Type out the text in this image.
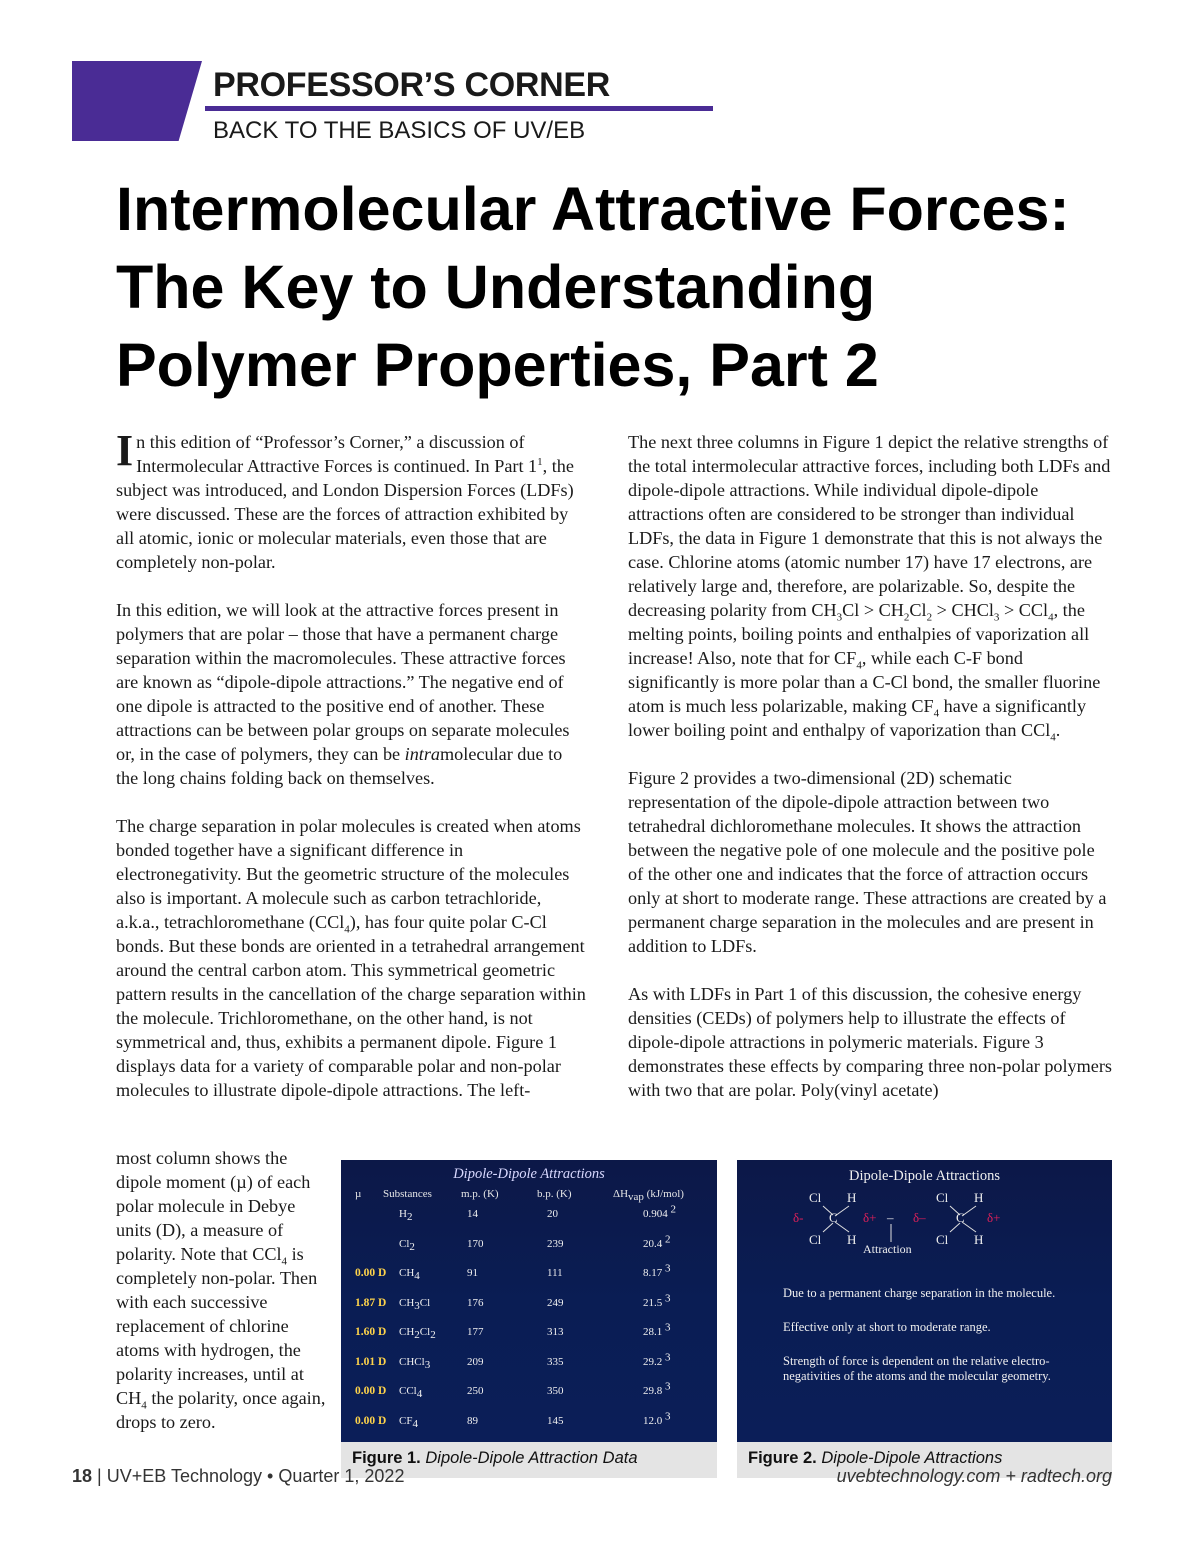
PROFESSOR’S CORNER
BACK TO THE BASICS OF UV/EB
Intermolecular Attractive Forces:
The Key to Understanding
Polymer Properties, Part 2

In this edition of “Professor’s Corner,” a discussion of Intermolecular Attractive Forces is continued. In Part $1^1$, the subject was introduced, and London Dispersion Forces (LDFs) were discussed. These are the forces of attraction exhibited by all atomic, ionic or molecular materials, even those that are completely non-polar.

In this edition, we will look at the attractive forces present in polymers that are polar – those that have a permanent charge separation within the macromolecules. These attractive forces are known as “dipole-dipole attractions.” The negative end of one dipole is attracted to the positive end of another. These attractions can be between polar groups on separate molecules or, in the case of polymers, they can be intramolecular due to the long chains folding back on themselves.

The charge separation in polar molecules is created when atoms bonded together have a significant difference in electronegativity. But the geometric structure of the molecules also is important. A molecule such as carbon tetrachloride, a.k.a., tetrachloromethane (CCl$_4$), has four quite polar C-Cl bonds. But these bonds are oriented in a tetrahedral arrangement around the central carbon atom. This symmetrical geometric pattern results in the cancellation of the charge separation within the molecule. Trichloromethane, on the other hand, is not symmetrical and, thus, exhibits a permanent dipole. Figure 1 displays data for a variety of comparable polar and non-polar molecules to illustrate dipole-dipole attractions. The left-

most column shows the dipole moment (µ) of each polar molecule in Debye units (D), a measure of polarity. Note that CCl$_4$ is completely non-polar. Then with each successive replacement of chlorine atoms with hydrogen, the polarity increases, until at $CH_4$ the polarity, once again, drops to zero.

The next three columns in Figure 1 depict the relative strengths of the total intermolecular attractive forces, including both LDFs and dipole-dipole attractions. While individual dipole-dipole attractions often are considered to be stronger than individual LDFs, the data in Figure 1 demonstrate that this is not always the case. Chlorine atoms (atomic number 17) have 17 electrons, are relatively large and, therefore, are polarizable. So, despite the decreasing polarity from $CH_3Cl > CH_2Cl_2$ > CHCl$_3$ > CCl$_4$, the melting points, boiling points and enthalpies of vaporization all increase! Also, note that for $CF_4$, while each C-F bond significantly is more polar than a C-Cl bond, the smaller fluorine atom is much less polarizable, making $CF_4$ have a significantly lower boiling point and enthalpy of vaporization than CCl$_4$.

Figure 2 provides a two-dimensional (2D) schematic representation of the dipole-dipole attraction between two tetrahedral dichloromethane molecules. It shows the attraction between the negative pole of one molecule and the positive pole of the other one and indicates that the force of attraction occurs only at short to moderate range. These attractions are created by a permanent charge separation in the molecules and are present in addition to LDFs.

As with LDFs in Part 1 of this discussion, the cohesive energy densities (CEDs) of polymers help to illustrate the effects of dipole-dipole attractions in polymeric materials. Figure 3 demonstrates these effects by comparing three non-polar polymers with two that are polar. Poly(vinyl acetate)

Dipole-Dipole Attractions
µ Substances	m.p. (K)	b.p. (K)	$\Delta H_{vap}$ (kJ/mol)
$H_2$	14	20	0.904 $^2$
$Cl_2$	170	239	20.4 $^2$
0.00 D $CH_4$	91	111	8.17 $^3$
1.87 D $CH_3Cl$	176	249	21.5 $^3$
1.60 D $CH_2Cl_2$	177	313	28.1 $^3$
1.01 D CHCl$_3$	209	335	29.2 $^3$
0.00 D CCl$_4$	250	350	29.8 $^3$
0.00 D $CF_4$	89	145	12.0 $^3$
Figure 1. Dipole-Dipole Attraction Data
Dipole-Dipole Attractions
Cl H
δ- C δ+ – δ–
Cl H
Cl H
C δ+
Cl H
Attraction
Due to a permanent charge separation in the molecule.
Effective only at short to moderate range.
Strength of force is dependent on the relative electro-negativities of the atoms and the molecular geometry.
Figure 2. Dipole-Dipole Attractions
18 | UV+EB Technology • Quarter 1, 2022	uvebtechnology.com + radtech.org
